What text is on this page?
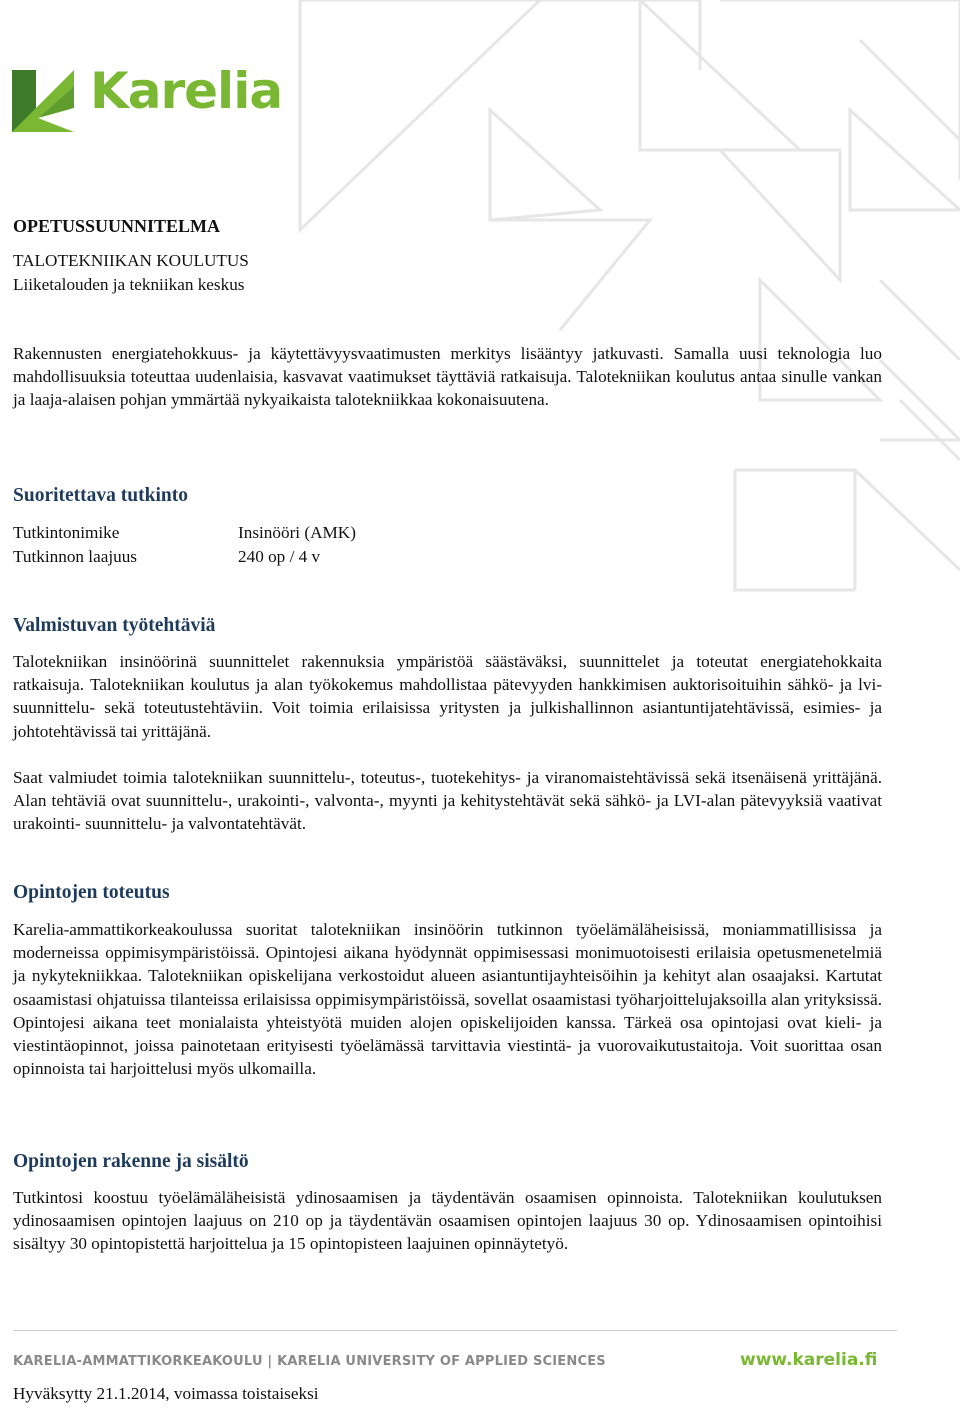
Karelia
OPETUSSUUNNITELMA
TALOTEKNIIKAN KOULUTUS
Liiketalouden ja tekniikan keskus

Rakennusten energiatehokkuus- ja käytettävyysvaatimusten merkitys lisääntyy jatkuvasti. Samalla uusi teknologia luo mahdollisuuksia toteuttaa uudenlaisia, kasvavat vaatimukset täyttäviä ratkaisuja. Talotekniikan koulutus antaa sinulle vankan ja laaja-alaisen pohjan ymmärtää nykyaikaista talotekniikkaa kokonaisuutena.

Suoritettava tutkinto
Tutkintonimike	Insinööri (AMK)
Tutkinnon laajuus	240 op / 4 v
Valmistuvan työtehtäviä

Talotekniikan insinöörinä suunnittelet rakennuksia ympäristöä säästäväksi, suunnittelet ja toteutat energiatehokkaita ratkaisuja. Talotekniikan koulutus ja alan työkokemus mahdollistaa pätevyyden hankkimisen auktorisoituihin sähkö- ja lvi-suunnittelu- sekä toteutustehtäviin. Voit toimia erilaisissa yritysten ja julkishallinnon asiantuntijatehtävissä, esimies- ja johtotehtävissä tai yrittäjänä.

Saat valmiudet toimia talotekniikan suunnittelu-, toteutus-, tuotekehitys- ja viranomaistehtävissä sekä itsenäisenä yrittäjänä. Alan tehtäviä ovat suunnittelu-, urakointi-, valvonta-, myynti ja kehitystehtävät sekä sähkö- ja LVI-alan pätevyyksiä vaativat urakointi- suunnittelu- ja valvontatehtävät.

Opintojen toteutus

Karelia-ammattikorkeakoulussa suoritat talotekniikan insinöörin tutkinnon työelämäläheisissä, moniammatillisissa ja moderneissa oppimisympäristöissä. Opintojesi aikana hyödynnät oppimisessasi monimuotoisesti erilaisia opetusmenetelmiä ja nykytekniikkaa. Talotekniikan opiskelijana verkostoidut alueen asiantuntijayhteisöihin ja kehityt alan osaajaksi. Kartutat osaamistasi ohjatuissa tilanteissa erilaisissa oppimisympäristöissä, sovellat osaamistasi työharjoittelujaksoilla alan yrityksissä. Opintojesi aikana teet monialaista yhteistyötä muiden alojen opiskelijoiden kanssa. Tärkeä osa opintojasi ovat kieli- ja viestintäopinnot, joissa painotetaan erityisesti työelämässä tarvittavia viestintä- ja vuorovaikutustaitoja. Voit suorittaa osan opinnoista tai harjoittelusi myös ulkomailla.

Opintojen rakenne ja sisältö

Tutkintosi koostuu työelämäläheisistä ydinosaamisen ja täydentävän osaamisen opinnoista. Talotekniikan koulutuksen ydinosaamisen opintojen laajuus on 210 op ja täydentävän osaamisen opintojen laajuus 30 op. Ydinosaamisen opintoihisi sisältyy 30 opintopistettä harjoittelua ja 15 opintopisteen laajuinen opinnäytetyö.

KARELIA-AMMATTIKORKEAKOULU | KARELIA UNIVERSITY OF APPLIED SCIENCES	www.karelia.fi
Hyväksytty 21.1.2014, voimassa toistaiseksi
